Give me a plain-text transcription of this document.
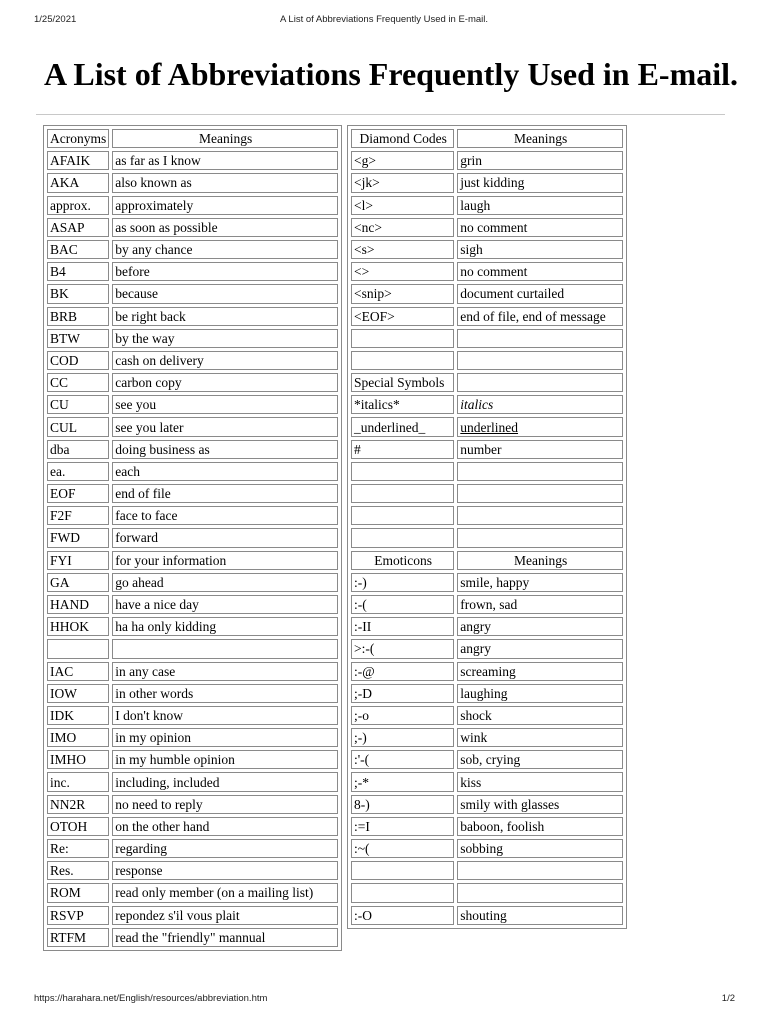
1/25/2021	A List of Abbreviations Frequently Used in E-mail.
A List of Abbreviations Frequently Used in E-mail.
Acronyms	Meanings
AFAIK	as far as I know
AKA	also known as
approx.	approximately
ASAP	as soon as possible
BAC	by any chance
B4	before
BK	because
BRB	be right back
BTW	by the way
COD	cash on delivery
CC	carbon copy
CU	see you
CUL	see you later
dba	doing business as
ea.	each
EOF	end of file
F2F	face to face
FWD	forward
FYI	for your information
GA	go ahead
HAND	have a nice day
HHOK	ha ha only kidding

IAC	in any case
IOW	in other words
IDK	I don't know
IMO	in my opinion
IMHO	in my humble opinion
inc.	including, included
NN2R	no need to reply
OTOH	on the other hand
Re:	regarding
Res.	response
ROM	read only member (on a mailing list)
RSVP	repondez s'il vous plait
RTFM	read the "friendly" mannual
Diamond Codes	Meanings
<g>	grin
<jk>	just kidding
<l>	laugh
<nc>	no comment
<s>	sigh
<>	no comment
<snip>	document curtailed
<EOF>	end of file, end of message

Special Symbols	
*italics*	italics
_underlined_	underlined
#	number

Emoticons	Meanings
:-)	smile, happy
:-(	frown, sad
:-II	angry
>:-(	angry
:-@	screaming
;-D	laughing
;-o	shock
;-)	wink
:'-(	sob, crying
;-*	kiss
8-)	smily with glasses
:=I	baboon, foolish
:~(	sobbing

:-O	shouting
https://harahara.net/English/resources/abbreviation.htm	1/2
